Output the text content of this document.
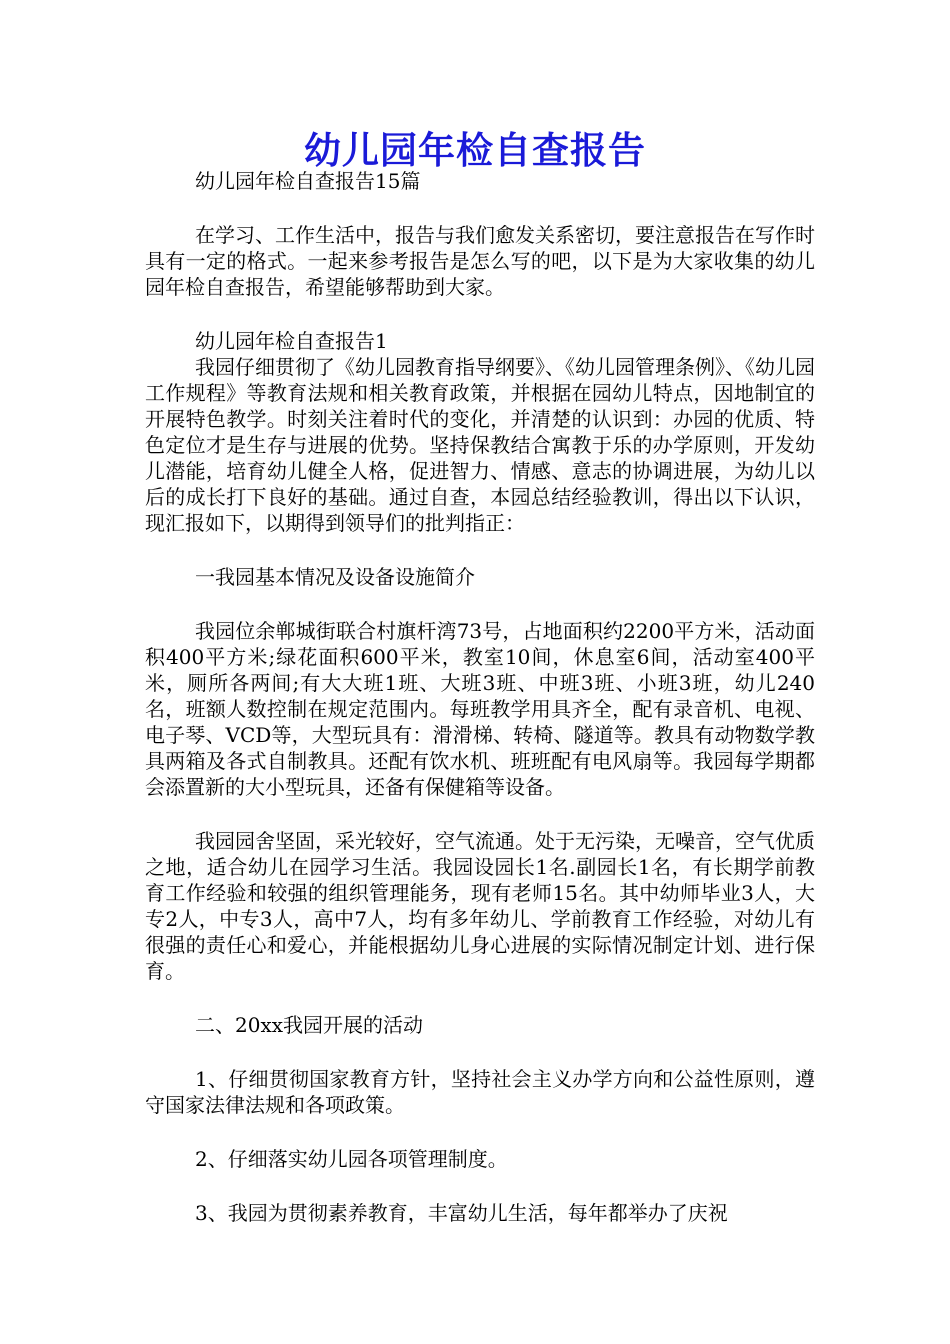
幼儿园年检自查报告

幼儿园年检自查报告15篇

在学习、工作生活中，报告与我们愈发关系密切，要注意报告在写作时具有一定的格式。一起来参考报告是怎么写的吧，以下是为大家收集的幼儿园年检自查报告，希望能够帮助到大家。

幼儿园年检自查报告1

我园仔细贯彻了《幼儿园教育指导纲要》、《幼儿园管理条例》、《幼儿园工作规程》等教育法规和相关教育政策，并根据在园幼儿特点，因地制宜的开展特色教学。时刻关注着时代的变化，并清楚的认识到：办园的优质、特色定位才是生存与进展的优势。坚持保教结合寓教于乐的办学原则，开发幼儿潜能，培育幼儿健全人格，促进智力、情感、意志的协调进展，为幼儿以后的成长打下良好的基础。通过自查，本园总结经验教训，得出以下认识，现汇报如下，以期得到领导们的批判指正：

一我园基本情况及设备设施简介

我园位余郸城街联合村旗杆湾73号，占地面积约2200平方米，活动面积400平方米;绿花面积600平米，教室10间，休息室6间，活动室400平米，厕所各两间;有大大班1班、大班3班、中班3班、小班3班，幼儿240名，班额人数控制在规定范围内。每班教学用具齐全，配有录音机、电视、电子琴、VCD等，大型玩具有：滑滑梯、转椅、隧道等。教具有动物数学教具两箱及各式自制教具。还配有饮水机、班班配有电风扇等。我园每学期都会添置新的大小型玩具，还备有保健箱等设备。

我园园舍坚固，采光较好，空气流通。处于无污染，无噪音，空气优质之地，适合幼儿在园学习生活。我园设园长1名.副园长1名，有长期学前教育工作经验和较强的组织管理能务，现有老师15名。其中幼师毕业3人，大专2人，中专3人，高中7人，均有多年幼儿、学前教育工作经验，对幼儿有很强的责任心和爱心，并能根据幼儿身心进展的实际情况制定计划、进行保育。

二、20xx我园开展的活动

1、仔细贯彻国家教育方针，坚持社会主义办学方向和公益性原则，遵守国家法律法规和各项政策。

2、仔细落实幼儿园各项管理制度。

3、我园为贯彻素养教育，丰富幼儿生活，每年都举办了庆祝
